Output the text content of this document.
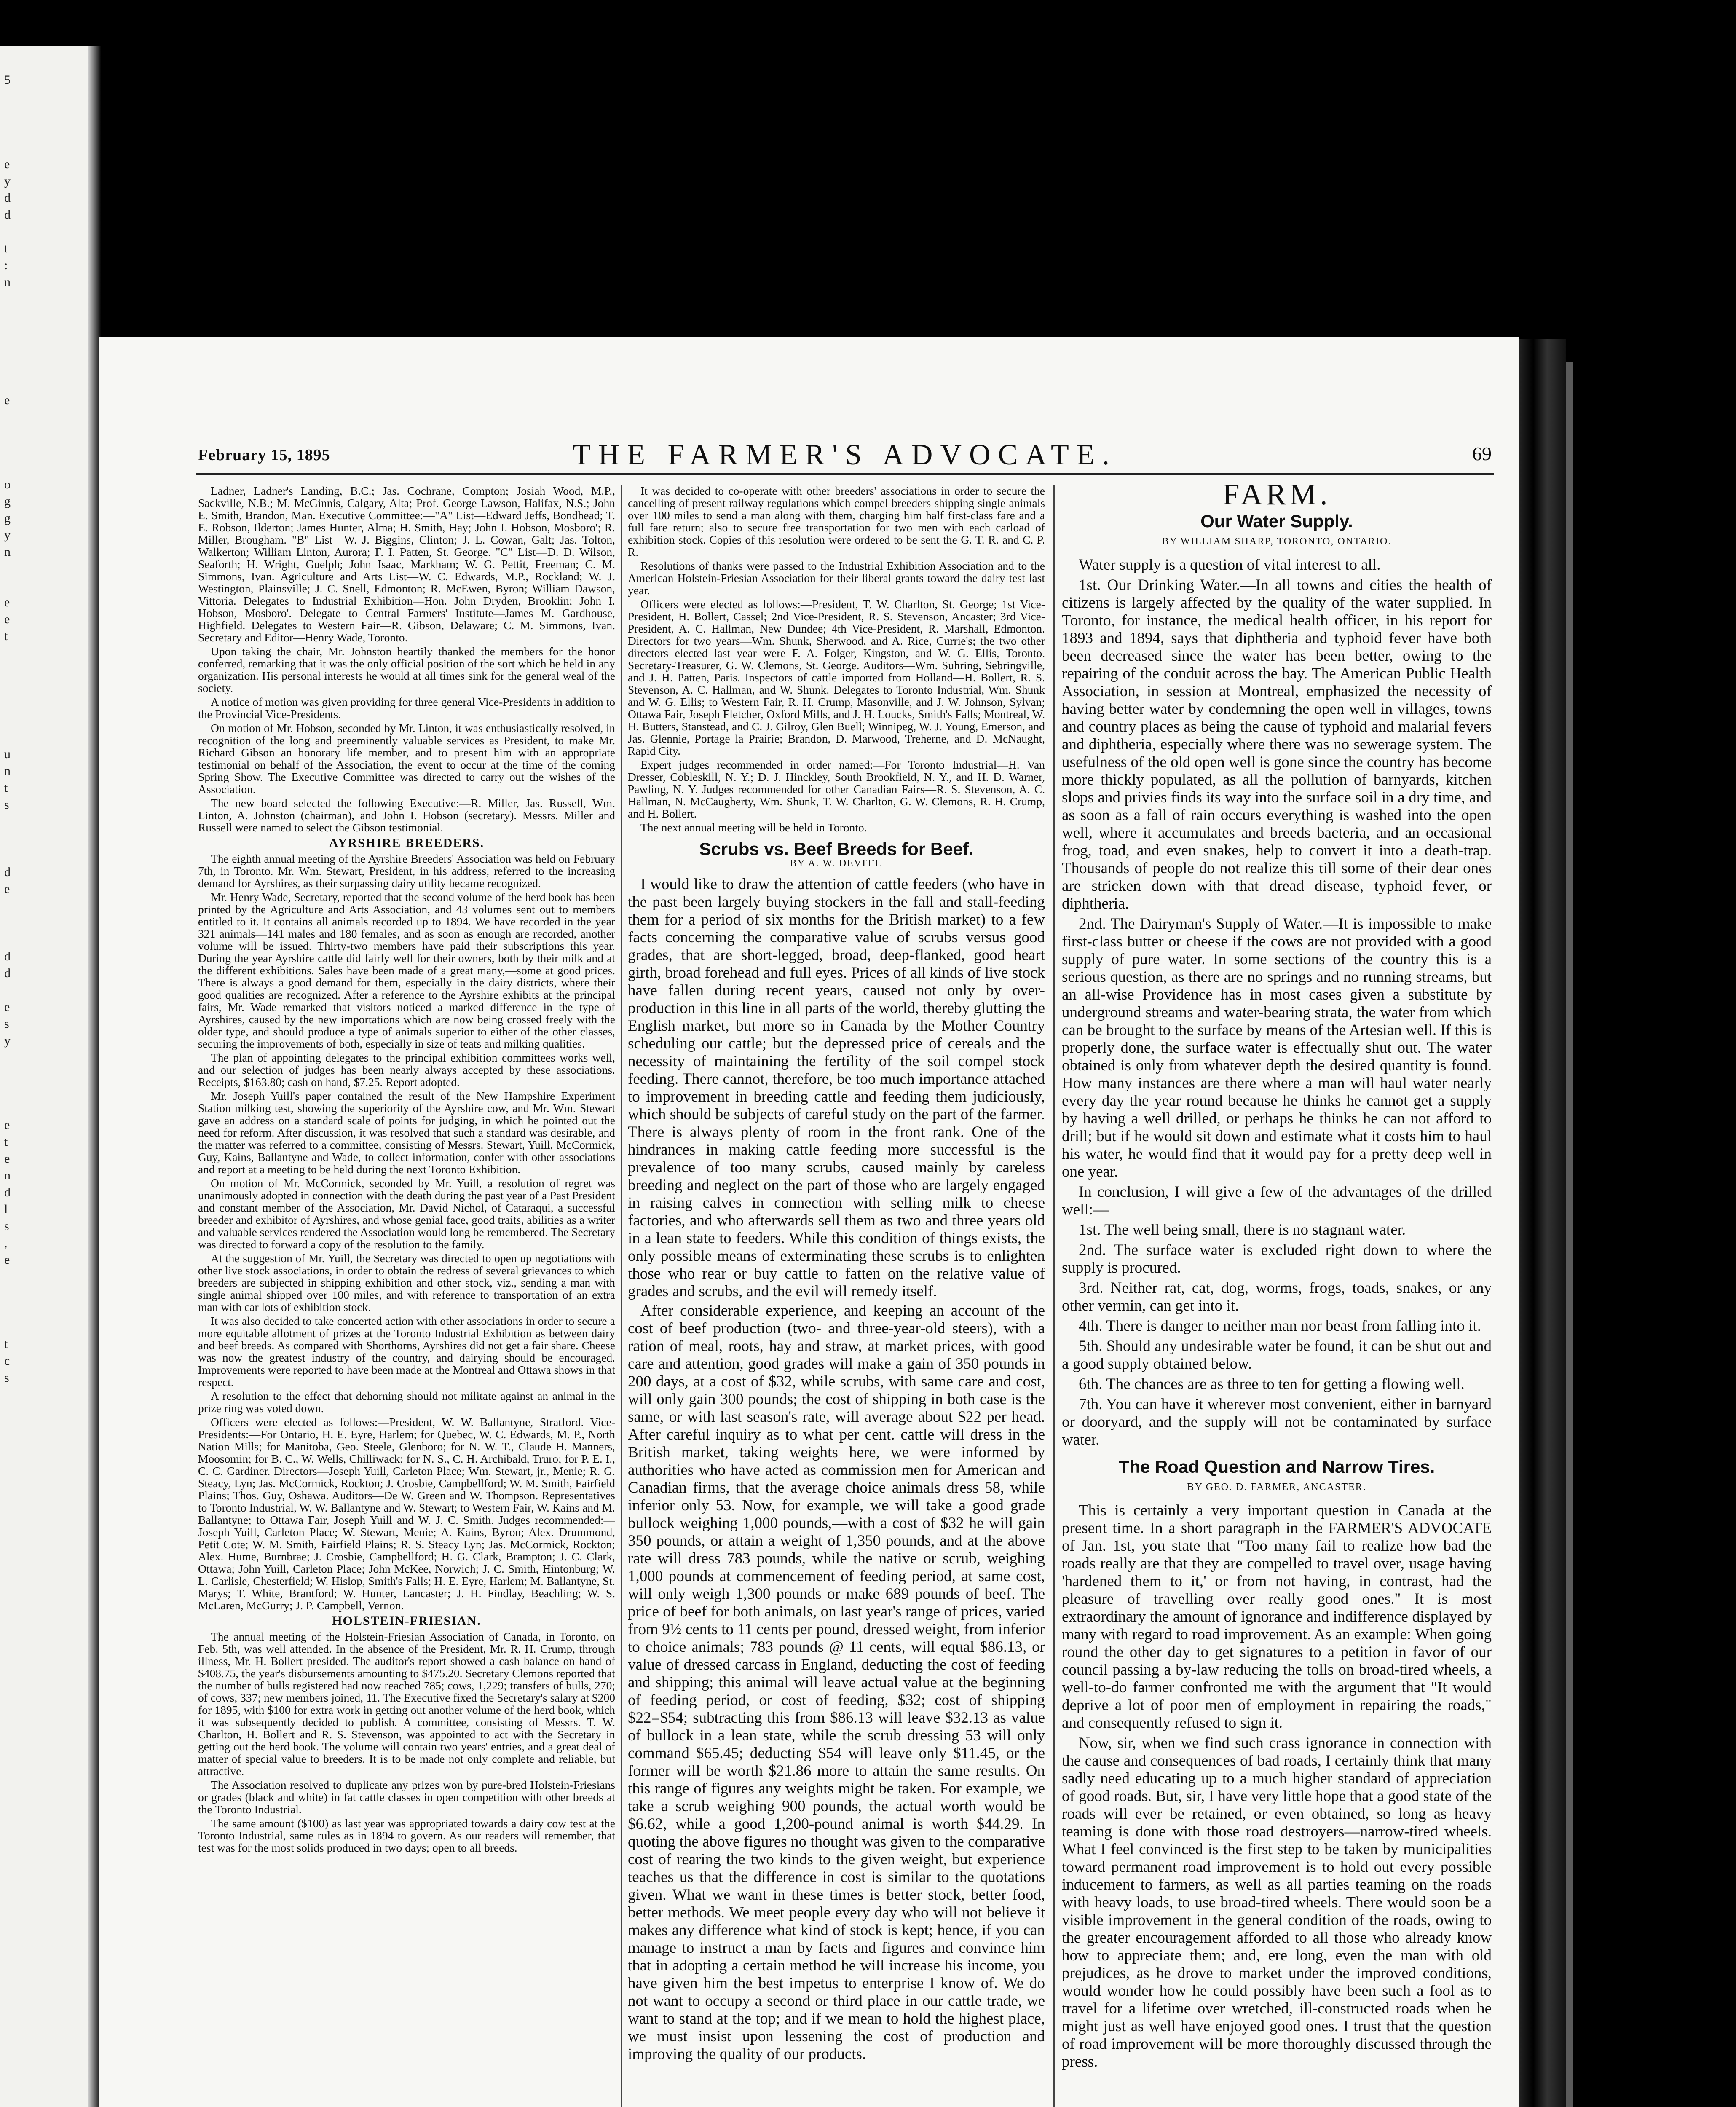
5

e
y
d
d

t
:
n

e

o
g
g
y
n

e
e
t

u
n
t
s

d
e

d
d

e
s
y

e
t
e
n
d
l
s
,
e

t
c
s
February 15, 1895	THE FARMER'S ADVOCATE.	69

Ladner, Ladner's Landing, B.C.; Jas. Cochrane, Compton; Josiah Wood, M.P., Sackville, N.B.; M. McGinnis, Calgary, Alta; Prof. George Lawson, Halifax, N.S.; John E. Smith, Brandon, Man. Executive Committee:—"A" List—Edward Jeffs, Bondhead; T. E. Robson, Ilderton; James Hunter, Alma; H. Smith, Hay; John I. Hobson, Mosboro'; R. Miller, Brougham. "B" List—W. J. Biggins, Clinton; J. L. Cowan, Galt; Jas. Tolton, Walkerton; William Linton, Aurora; F. I. Patten, St. George. "C" List—D. D. Wilson, Seaforth; H. Wright, Guelph; John Isaac, Markham; W. G. Pettit, Freeman; C. M. Simmons, Ivan. Agriculture and Arts List—W. C. Edwards, M.P., Rockland; W. J. Westington, Plainsville; J. C. Snell, Edmonton; R. McEwen, Byron; William Dawson, Vittoria. Delegates to Industrial Exhibition—Hon. John Dryden, Brooklin; John I. Hobson, Mosboro'. Delegate to Central Farmers' Institute—James M. Gardhouse, Highfield. Delegates to Western Fair—R. Gibson, Delaware; C. M. Simmons, Ivan. Secretary and Editor—Henry Wade, Toronto.

Upon taking the chair, Mr. Johnston heartily thanked the members for the honor conferred, remarking that it was the only official position of the sort which he held in any organization. His personal interests he would at all times sink for the general weal of the society.

A notice of motion was given providing for three general Vice-Presidents in addition to the Provincial Vice-Presidents.

On motion of Mr. Hobson, seconded by Mr. Linton, it was enthusiastically resolved, in recognition of the long and preeminently valuable services as President, to make Mr. Richard Gibson an honorary life member, and to present him with an appropriate testimonial on behalf of the Association, the event to occur at the time of the coming Spring Show. The Executive Committee was directed to carry out the wishes of the Association.

The new board selected the following Executive:—R. Miller, Jas. Russell, Wm. Linton, A. Johnston (chairman), and John I. Hobson (secretary). Messrs. Miller and Russell were named to select the Gibson testimonial.

AYRSHIRE BREEDERS.

The eighth annual meeting of the Ayrshire Breeders' Association was held on February 7th, in Toronto. Mr. Wm. Stewart, President, in his address, referred to the increasing demand for Ayrshires, as their surpassing dairy utility became recognized.

Mr. Henry Wade, Secretary, reported that the second volume of the herd book has been printed by the Agriculture and Arts Association, and 43 volumes sent out to members entitled to it. It contains all animals recorded up to 1894. We have recorded in the year 321 animals—141 males and 180 females, and as soon as enough are recorded, another volume will be issued. Thirty-two members have paid their subscriptions this year. During the year Ayrshire cattle did fairly well for their owners, both by their milk and at the different exhibitions. Sales have been made of a great many,—some at good prices. There is always a good demand for them, especially in the dairy districts, where their good qualities are recognized. After a reference to the Ayrshire exhibits at the principal fairs, Mr. Wade remarked that visitors noticed a marked difference in the type of Ayrshires, caused by the new importations which are now being crossed freely with the older type, and should produce a type of animals superior to either of the other classes, securing the improvements of both, especially in size of teats and milking qualities.

The plan of appointing delegates to the principal exhibition committees works well, and our selection of judges has been nearly always accepted by these associations. Receipts, $163.80; cash on hand, $7.25. Report adopted.

Mr. Joseph Yuill's paper contained the result of the New Hampshire Experiment Station milking test, showing the superiority of the Ayrshire cow, and Mr. Wm. Stewart gave an address on a standard scale of points for judging, in which he pointed out the need for reform. After discussion, it was resolved that such a standard was desirable, and the matter was referred to a committee, consisting of Messrs. Stewart, Yuill, McCormick, Guy, Kains, Ballantyne and Wade, to collect information, confer with other associations and report at a meeting to be held during the next Toronto Exhibition.

On motion of Mr. McCormick, seconded by Mr. Yuill, a resolution of regret was unanimously adopted in connection with the death during the past year of a Past President and constant member of the Association, Mr. David Nichol, of Cataraqui, a successful breeder and exhibitor of Ayrshires, and whose genial face, good traits, abilities as a writer and valuable services rendered the Association would long be remembered. The Secretary was directed to forward a copy of the resolution to the family.

At the suggestion of Mr. Yuill, the Secretary was directed to open up negotiations with other live stock associations, in order to obtain the redress of several grievances to which breeders are subjected in shipping exhibition and other stock, viz., sending a man with single animal shipped over 100 miles, and with reference to transportation of an extra man with car lots of exhibition stock.

It was also decided to take concerted action with other associations in order to secure a more equitable allotment of prizes at the Toronto Industrial Exhibition as between dairy and beef breeds. As compared with Shorthorns, Ayrshires did not get a fair share. Cheese was now the greatest industry of the country, and dairying should be encouraged. Improvements were reported to have been made at the Montreal and Ottawa shows in that respect.

A resolution to the effect that dehorning should not militate against an animal in the prize ring was voted down.

Officers were elected as follows:—President, W. W. Ballantyne, Stratford. Vice-Presidents:—For Ontario, H. E. Eyre, Harlem; for Quebec, W. C. Edwards, M. P., North Nation Mills; for Manitoba, Geo. Steele, Glenboro; for N. W. T., Claude H. Manners, Moosomin; for B. C., W. Wells, Chilliwack; for N. S., C. H. Archibald, Truro; for P. E. I., C. C. Gardiner. Directors—Joseph Yuill, Carleton Place; Wm. Stewart, jr., Menie; R. G. Steacy, Lyn; Jas. McCormick, Rockton; J. Crosbie, Campbellford; W. M. Smith, Fairfield Plains; Thos. Guy, Oshawa. Auditors—De W. Green and W. Thompson. Representatives to Toronto Industrial, W. W. Ballantyne and W. Stewart; to Western Fair, W. Kains and M. Ballantyne; to Ottawa Fair, Joseph Yuill and W. J. C. Smith. Judges recommended:—Joseph Yuill, Carleton Place; W. Stewart, Menie; A. Kains, Byron; Alex. Drummond, Petit Cote; W. M. Smith, Fairfield Plains; R. S. Steacy Lyn; Jas. McCormick, Rockton; Alex. Hume, Burnbrae; J. Crosbie, Campbellford; H. G. Clark, Brampton; J. C. Clark, Ottawa; John Yuill, Carleton Place; John McKee, Norwich; J. C. Smith, Hintonburg; W. L. Carlisle, Chesterfield; W. Hislop, Smith's Falls; H. E. Eyre, Harlem; M. Ballantyne, St. Marys; T. White, Brantford; W. Hunter, Lancaster; J. H. Findlay, Beachling; W. S. McLaren, McGurry; J. P. Campbell, Vernon.

HOLSTEIN-FRIESIAN.

The annual meeting of the Holstein-Friesian Association of Canada, in Toronto, on Feb. 5th, was well attended. In the absence of the President, Mr. R. H. Crump, through illness, Mr. H. Bollert presided. The auditor's report showed a cash balance on hand of $408.75, the year's disbursements amounting to $475.20. Secretary Clemons reported that the number of bulls registered had now reached 785; cows, 1,229; transfers of bulls, 270; of cows, 337; new members joined, 11. The Executive fixed the Secretary's salary at $200 for 1895, with $100 for extra work in getting out another volume of the herd book, which it was subsequently decided to publish. A committee, consisting of Messrs. T. W. Charlton, H. Bollert and R. S. Stevenson, was appointed to act with the Secretary in getting out the herd book. The volume will contain two years' entries, and a great deal of matter of special value to breeders. It is to be made not only complete and reliable, but attractive.

The Association resolved to duplicate any prizes won by pure-bred Holstein-Friesians or grades (black and white) in fat cattle classes in open competition with other breeds at the Toronto Industrial.

The same amount ($100) as last year was appropriated towards a dairy cow test at the Toronto Industrial, same rules as in 1894 to govern. As our readers will remember, that test was for the most solids produced in two days; open to all breeds.

It was decided to co-operate with other breeders' associations in order to secure the cancelling of present railway regulations which compel breeders shipping single animals over 100 miles to send a man along with them, charging him half first-class fare and a full fare return; also to secure free transportation for two men with each carload of exhibition stock. Copies of this resolution were ordered to be sent the G. T. R. and C. P. R.

Resolutions of thanks were passed to the Industrial Exhibition Association and to the American Holstein-Friesian Association for their liberal grants toward the dairy test last year.

Officers were elected as follows:—President, T. W. Charlton, St. George; 1st Vice-President, H. Bollert, Cassel; 2nd Vice-President, R. S. Stevenson, Ancaster; 3rd Vice-President, A. C. Hallman, New Dundee; 4th Vice-President, R. Marshall, Edmonton. Directors for two years—Wm. Shunk, Sherwood, and A. Rice, Currie's; the two other directors elected last year were F. A. Folger, Kingston, and W. G. Ellis, Toronto. Secretary-Treasurer, G. W. Clemons, St. George. Auditors—Wm. Suhring, Sebringville, and J. H. Patten, Paris. Inspectors of cattle imported from Holland—H. Bollert, R. S. Stevenson, A. C. Hallman, and W. Shunk. Delegates to Toronto Industrial, Wm. Shunk and W. G. Ellis; to Western Fair, R. H. Crump, Masonville, and J. W. Johnson, Sylvan; Ottawa Fair, Joseph Fletcher, Oxford Mills, and J. H. Loucks, Smith's Falls; Montreal, W. H. Butters, Stanstead, and C. J. Gilroy, Glen Buell; Winnipeg, W. J. Young, Emerson, and Jas. Glennie, Portage la Prairie; Brandon, D. Marwood, Treherne, and D. McNaught, Rapid City.

Expert judges recommended in order named:—For Toronto Industrial—H. Van Dresser, Cobleskill, N. Y.; D. J. Hinckley, South Brookfield, N. Y., and H. D. Warner, Pawling, N. Y. Judges recommended for other Canadian Fairs—R. S. Stevenson, A. C. Hallman, N. McCaugherty, Wm. Shunk, T. W. Charlton, G. W. Clemons, R. H. Crump, and H. Bollert.

The next annual meeting will be held in Toronto.

Scrubs vs. Beef Breeds for Beef.

BY A. W. DEVITT.

I would like to draw the attention of cattle feeders (who have in the past been largely buying stockers in the fall and stall-feeding them for a period of six months for the British market) to a few facts concerning the comparative value of scrubs versus good grades, that are short-legged, broad, deep-flanked, good heart girth, broad forehead and full eyes. Prices of all kinds of live stock have fallen during recent years, caused not only by over-production in this line in all parts of the world, thereby glutting the English market, but more so in Canada by the Mother Country scheduling our cattle; but the depressed price of cereals and the necessity of maintaining the fertility of the soil compel stock feeding. There cannot, therefore, be too much importance attached to improvement in breeding cattle and feeding them judiciously, which should be subjects of careful study on the part of the farmer. There is always plenty of room in the front rank. One of the hindrances in making cattle feeding more successful is the prevalence of too many scrubs, caused mainly by careless breeding and neglect on the part of those who are largely engaged in raising calves in connection with selling milk to cheese factories, and who afterwards sell them as two and three years old in a lean state to feeders. While this condition of things exists, the only possible means of exterminating these scrubs is to enlighten those who rear or buy cattle to fatten on the relative value of grades and scrubs, and the evil will remedy itself.

After considerable experience, and keeping an account of the cost of beef production (two- and three-year-old steers), with a ration of meal, roots, hay and straw, at market prices, with good care and attention, good grades will make a gain of 350 pounds in 200 days, at a cost of $32, while scrubs, with same care and cost, will only gain 300 pounds; the cost of shipping in both case is the same, or with last season's rate, will average about $22 per head. After careful inquiry as to what per cent. cattle will dress in the British market, taking weights here, we were informed by authorities who have acted as commission men for American and Canadian firms, that the average choice animals dress 58, while inferior only 53. Now, for example, we will take a good grade bullock weighing 1,000 pounds,—with a cost of $32 he will gain 350 pounds, or attain a weight of 1,350 pounds, and at the above rate will dress 783 pounds, while the native or scrub, weighing 1,000 pounds at commencement of feeding period, at same cost, will only weigh 1,300 pounds or make 689 pounds of beef. The price of beef for both animals, on last year's range of prices, varied from 9½ cents to 11 cents per pound, dressed weight, from inferior to choice animals; 783 pounds @ 11 cents, will equal $86.13, or value of dressed carcass in England, deducting the cost of feeding and shipping; this animal will leave actual value at the beginning of feeding period, or cost of feeding, $32; cost of shipping $22=$54; subtracting this from $86.13 will leave $32.13 as value of bullock in a lean state, while the scrub dressing 53 will only command $65.45; deducting $54 will leave only $11.45, or the former will be worth $21.86 more to attain the same results. On this range of figures any weights might be taken. For example, we take a scrub weighing 900 pounds, the actual worth would be $6.62, while a good 1,200-pound animal is worth $44.29. In quoting the above figures no thought was given to the comparative cost of rearing the two kinds to the given weight, but experience teaches us that the difference in cost is similar to the quotations given. What we want in these times is better stock, better food, better methods. We meet people every day who will not believe it makes any difference what kind of stock is kept; hence, if you can manage to instruct a man by facts and figures and convince him that in adopting a certain method he will increase his income, you have given him the best impetus to enterprise I know of. We do not want to occupy a second or third place in our cattle trade, we want to stand at the top; and if we mean to hold the highest place, we must insist upon lessening the cost of production and improving the quality of our products.

FARM.

Our Water Supply.

BY WILLIAM SHARP, TORONTO, ONTARIO.

Water supply is a question of vital interest to all.

1st. Our Drinking Water.—In all towns and cities the health of citizens is largely affected by the quality of the water supplied. In Toronto, for instance, the medical health officer, in his report for 1893 and 1894, says that diphtheria and typhoid fever have both been decreased since the water has been better, owing to the repairing of the conduit across the bay. The American Public Health Association, in session at Montreal, emphasized the necessity of having better water by condemning the open well in villages, towns and country places as being the cause of typhoid and malarial fevers and diphtheria, especially where there was no sewerage system. The usefulness of the old open well is gone since the country has become more thickly populated, as all the pollution of barnyards, kitchen slops and privies finds its way into the surface soil in a dry time, and as soon as a fall of rain occurs everything is washed into the open well, where it accumulates and breeds bacteria, and an occasional frog, toad, and even snakes, help to convert it into a death-trap. Thousands of people do not realize this till some of their dear ones are stricken down with that dread disease, typhoid fever, or diphtheria.

2nd. The Dairyman's Supply of Water.—It is impossible to make first-class butter or cheese if the cows are not provided with a good supply of pure water. In some sections of the country this is a serious question, as there are no springs and no running streams, but an all-wise Providence has in most cases given a substitute by underground streams and water-bearing strata, the water from which can be brought to the surface by means of the Artesian well. If this is properly done, the surface water is effectually shut out. The water obtained is only from whatever depth the desired quantity is found. How many instances are there where a man will haul water nearly every day the year round because he thinks he cannot get a supply by having a well drilled, or perhaps he thinks he can not afford to drill; but if he would sit down and estimate what it costs him to haul his water, he would find that it would pay for a pretty deep well in one year.

In conclusion, I will give a few of the advantages of the drilled well:—

1st. The well being small, there is no stagnant water.

2nd. The surface water is excluded right down to where the supply is procured.

3rd. Neither rat, cat, dog, worms, frogs, toads, snakes, or any other vermin, can get into it.

4th. There is danger to neither man nor beast from falling into it.

5th. Should any undesirable water be found, it can be shut out and a good supply obtained below.

6th. The chances are as three to ten for getting a flowing well.

7th. You can have it wherever most convenient, either in barnyard or dooryard, and the supply will not be contaminated by surface water.

The Road Question and Narrow Tires.

BY GEO. D. FARMER, ANCASTER.

This is certainly a very important question in Canada at the present time. In a short paragraph in the FARMER'S ADVOCATE of Jan. 1st, you state that "Too many fail to realize how bad the roads really are that they are compelled to travel over, usage having 'hardened them to it,' or from not having, in contrast, had the pleasure of travelling over really good ones." It is most extraordinary the amount of ignorance and indifference displayed by many with regard to road improvement. As an example: When going round the other day to get signatures to a petition in favor of our council passing a by-law reducing the tolls on broad-tired wheels, a well-to-do farmer confronted me with the argument that "It would deprive a lot of poor men of employment in repairing the roads," and consequently refused to sign it.

Now, sir, when we find such crass ignorance in connection with the cause and consequences of bad roads, I certainly think that many sadly need educating up to a much higher standard of appreciation of good roads. But, sir, I have very little hope that a good state of the roads will ever be retained, or even obtained, so long as heavy teaming is done with those road destroyers—narrow-tired wheels. What I feel convinced is the first step to be taken by municipalities toward permanent road improvement is to hold out every possible inducement to farmers, as well as all parties teaming on the roads with heavy loads, to use broad-tired wheels. There would soon be a visible improvement in the general condition of the roads, owing to the greater encouragement afforded to all those who already know how to appreciate them; and, ere long, even the man with old prejudices, as he drove to market under the improved conditions, would wonder how he could possibly have been such a fool as to travel for a lifetime over wretched, ill-constructed roads when he might just as well have enjoyed good ones. I trust that the question of road improvement will be more thoroughly discussed through the press.
